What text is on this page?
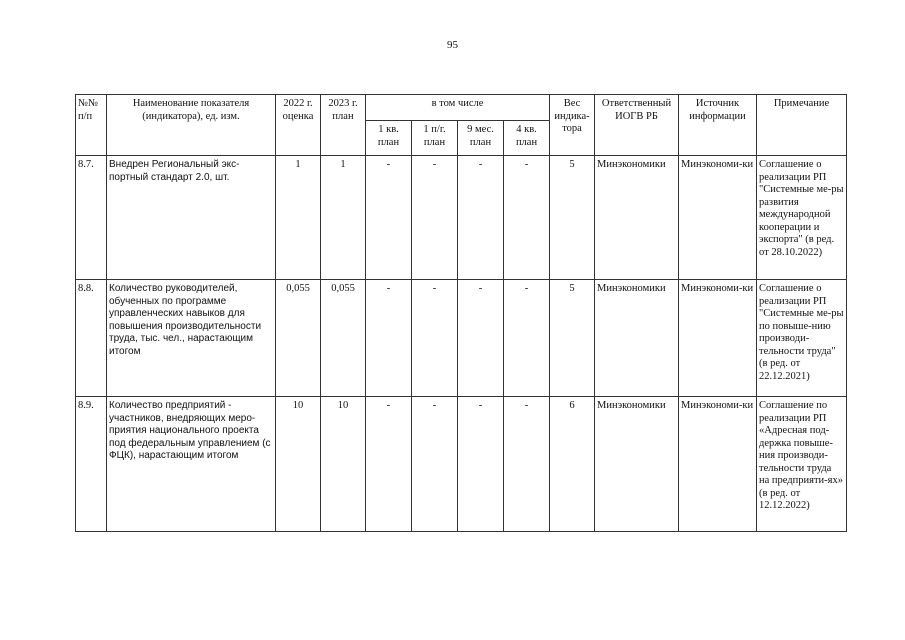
95
№№ п/п	Наименование показателя (индикатора), ед. изм.	2022 г. оценка	2023 г. план	в том числе				Вес индика-тора	Ответственный ИОГВ РБ	Источник информации	Примечание
				1 кв. план	1 п/г. план	9 мес. план	4 кв. план				
8.7.	Внедрен Региональный экс-портный стандарт 2.0, шт.	1	1	-	-	-	-	5	Минэкономики	Минэкономи-ки	Соглашение о реализации РП "Системные ме-ры развития международной кооперации и экспорта" (в ред. от 28.10.2022)
8.8.	Количество руководителей, обученных по программе управленческих навыков для повышения производительности труда, тыс. чел., нарастающим итогом	0,055	0,055	-	-	-	-	5	Минэкономики	Минэкономи-ки	Соглашение о реализации РП "Системные ме-ры по повыше-нию производи-тельности труда" (в ред. от 22.12.2021)
8.9.	Количество предприятий - участников, внедряющих меро-приятия национального проекта под федеральным управлением (с ФЦК), нарастающим итогом	10	10	-	-	-	-	6	Минэкономики	Минэкономи-ки	Соглашение по реализации РП «Адресная под-держка повыше-ния производи-тельности труда на предприяти-ях» (в ред. от 12.12.2022)
